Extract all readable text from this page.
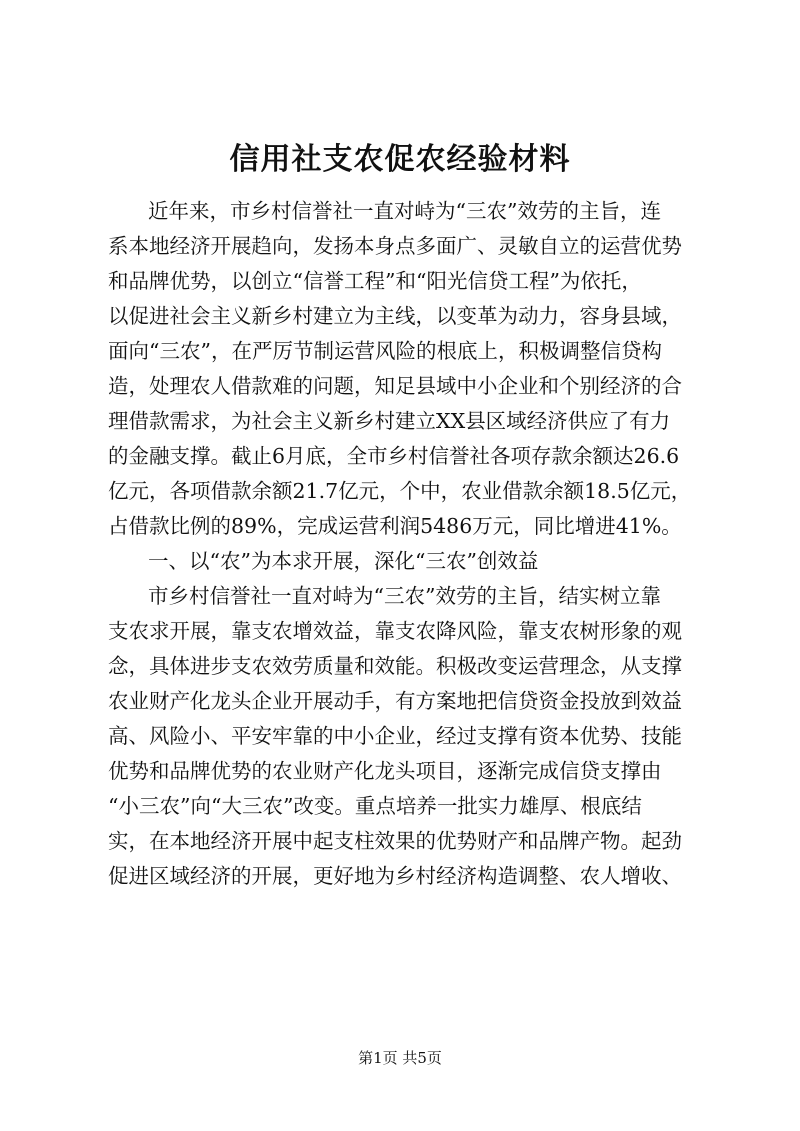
信用社支农促农经验材料
近年来，市乡村信誉社一直对峙为“三农”效劳的主旨，连
系本地经济开展趋向，发扬本身点多面广、灵敏自立的运营优势
和品牌优势，以创立“信誉工程”和“阳光信贷工程”为依托，
以促进社会主义新乡村建立为主线，以变革为动力，容身县域，
面向“三农”，在严厉节制运营风险的根底上，积极调整信贷构
造，处理农人借款难的问题，知足县域中小企业和个别经济的合
理借款需求，为社会主义新乡村建立XX县区域经济供应了有力
的金融支撑。截止6月底，全市乡村信誉社各项存款余额达26.6
亿元，各项借款余额21.7亿元，个中，农业借款余额18.5亿元，
占借款比例的89%，完成运营利润5486万元，同比增进41%。
一、以“农”为本求开展，深化“三农”创效益
市乡村信誉社一直对峙为“三农”效劳的主旨，结实树立靠
支农求开展，靠支农增效益，靠支农降风险，靠支农树形象的观
念，具体进步支农效劳质量和效能。积极改变运营理念，从支撑
农业财产化龙头企业开展动手，有方案地把信贷资金投放到效益
高、风险小、平安牢靠的中小企业，经过支撑有资本优势、技能
优势和品牌优势的农业财产化龙头项目，逐渐完成信贷支撑由
“小三农”向“大三农”改变。重点培养一批实力雄厚、根底结
实，在本地经济开展中起支柱效果的优势财产和品牌产物。起劲
促进区域经济的开展，更好地为乡村经济构造调整、农人增收、
第1页 共5页
